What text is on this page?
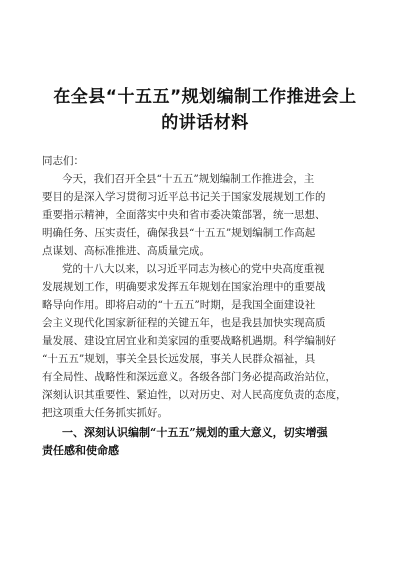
在全县“十五五”规划编制工作推进会上
的讲话材料
同志们：
今天，我们召开全县“十五五”规划编制工作推进会，主
要目的是深入学习贯彻习近平总书记关于国家发展规划工作的
重要指示精神，全面落实中央和省市委决策部署，统一思想、
明确任务、压实责任，确保我县“十五五”规划编制工作高起
点谋划、高标准推进、高质量完成。
党的十八大以来，以习近平同志为核心的党中央高度重视
发展规划工作，明确要求发挥五年规划在国家治理中的重要战
略导向作用。即将启动的“十五五”时期，是我国全面建设社
会主义现代化国家新征程的关键五年，也是我县加快实现高质
量发展、建设宜居宜业和美家园的重要战略机遇期。科学编制好
“十五五”规划，事关全县长远发展，事关人民群众福祉，具
有全局性、战略性和深远意义。各级各部门务必提高政治站位，
深刻认识其重要性、紧迫性，以对历史、对人民高度负责的态度，
把这项重大任务抓实抓好。
一、深刻认识编制“十五五”规划的重大意义，切实增强
责任感和使命感
